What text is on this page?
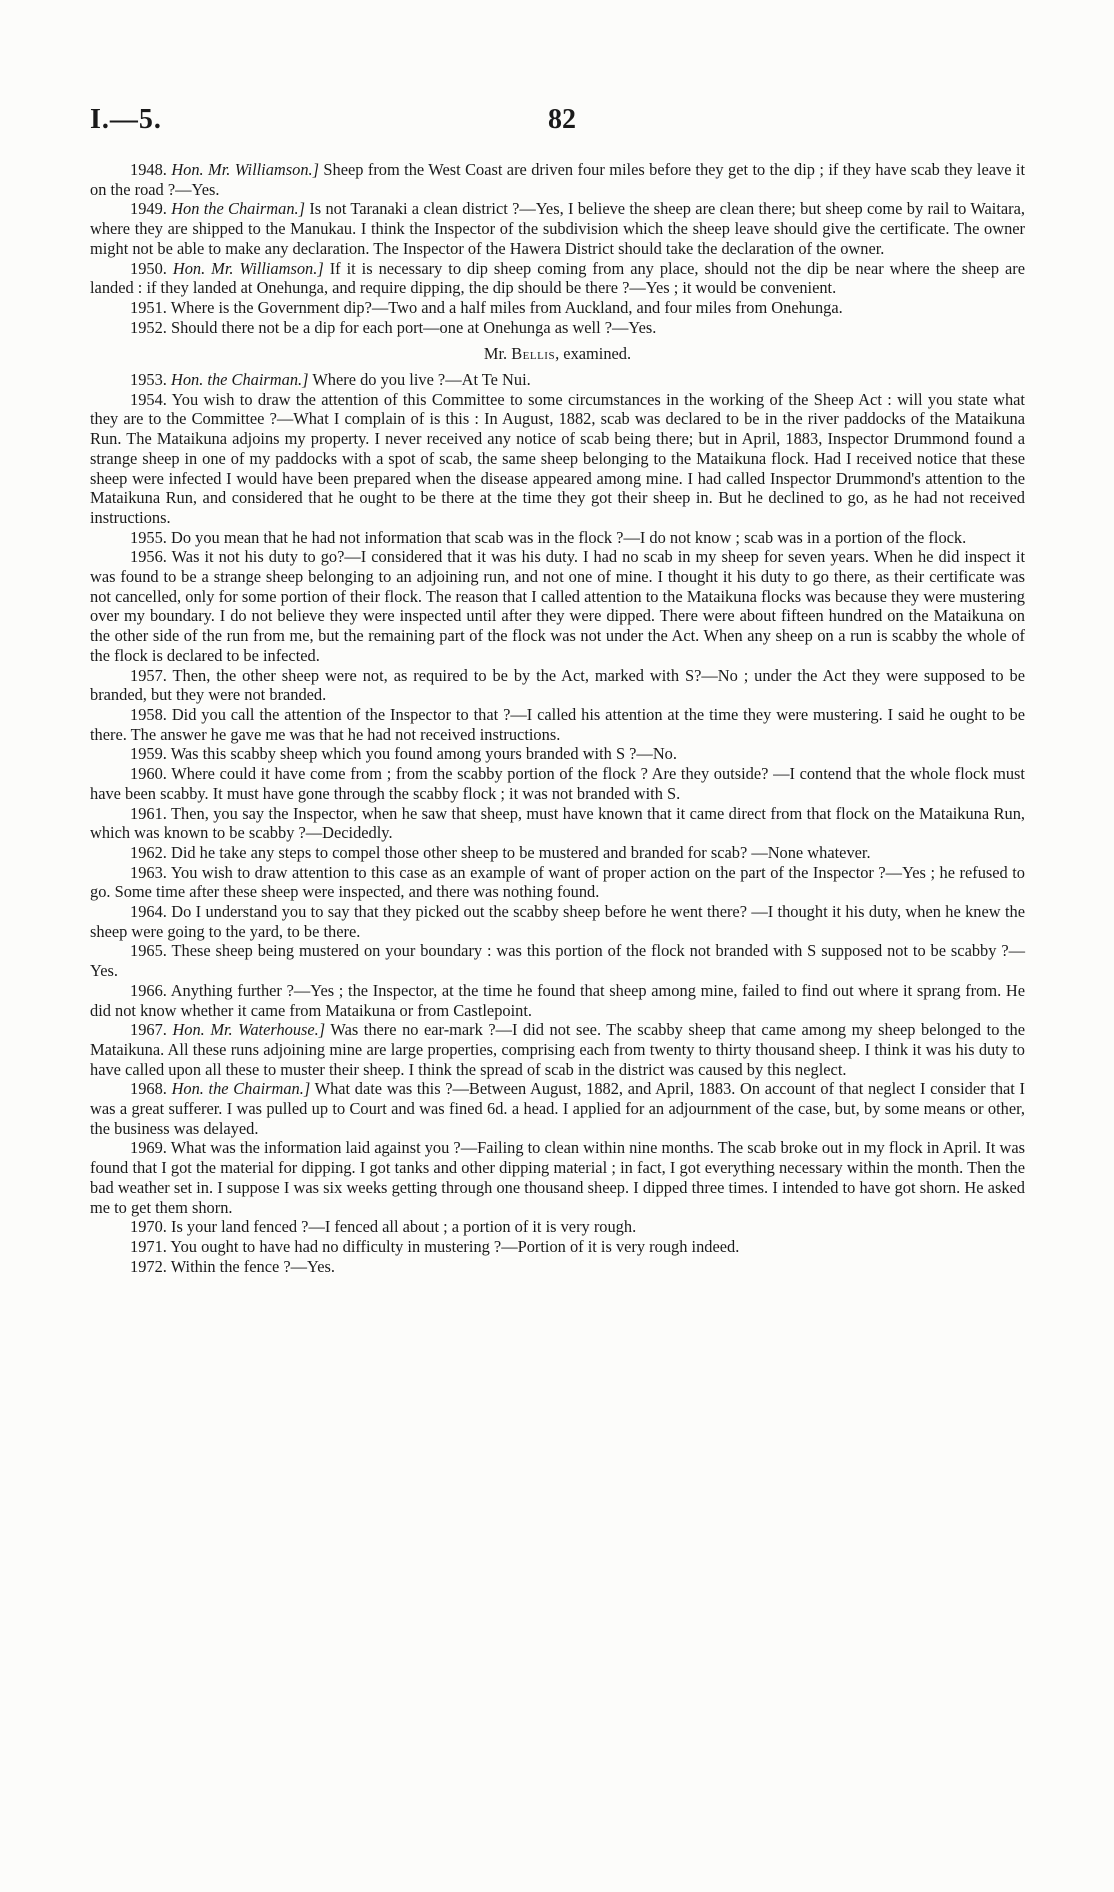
I.—5.	82

1948. Hon. Mr. Williamson.] Sheep from the West Coast are driven four miles before they get to the dip ; if they have scab they leave it on the road ?—Yes.

1949. Hon the Chairman.] Is not Taranaki a clean district ?—Yes, I believe the sheep are clean there; but sheep come by rail to Waitara, where they are shipped to the Manukau. I think the Inspector of the subdivision which the sheep leave should give the certificate. The owner might not be able to make any declaration. The Inspector of the Hawera District should take the declaration of the owner.

1950. Hon. Mr. Williamson.] If it is necessary to dip sheep coming from any place, should not the dip be near where the sheep are landed : if they landed at Onehunga, and require dipping, the dip should be there ?—Yes ; it would be convenient.

1951. Where is the Government dip?—Two and a half miles from Auckland, and four miles from Onehunga.

1952. Should there not be a dip for each port—one at Onehunga as well ?—Yes.

Mr. Bellis, examined.

1953. Hon. the Chairman.] Where do you live ?—At Te Nui.

1954. You wish to draw the attention of this Committee to some circumstances in the working of the Sheep Act : will you state what they are to the Committee ?—What I complain of is this : In August, 1882, scab was declared to be in the river paddocks of the Mataikuna Run. The Mataikuna adjoins my property. I never received any notice of scab being there; but in April, 1883, Inspector Drummond found a strange sheep in one of my paddocks with a spot of scab, the same sheep belonging to the Mataikuna flock. Had I received notice that these sheep were infected I would have been prepared when the disease appeared among mine. I had called Inspector Drummond's attention to the Mataikuna Run, and considered that he ought to be there at the time they got their sheep in. But he declined to go, as he had not received instructions.

1955. Do you mean that he had not information that scab was in the flock ?—I do not know ; scab was in a portion of the flock.

1956. Was it not his duty to go?—I considered that it was his duty. I had no scab in my sheep for seven years. When he did inspect it was found to be a strange sheep belonging to an adjoining run, and not one of mine. I thought it his duty to go there, as their certificate was not cancelled, only for some portion of their flock. The reason that I called attention to the Mataikuna flocks was because they were mustering over my boundary. I do not believe they were inspected until after they were dipped. There were about fifteen hundred on the Mataikuna on the other side of the run from me, but the remaining part of the flock was not under the Act. When any sheep on a run is scabby the whole of the flock is declared to be infected.

1957. Then, the other sheep were not, as required to be by the Act, marked with S?—No ; under the Act they were supposed to be branded, but they were not branded.

1958. Did you call the attention of the Inspector to that ?—I called his attention at the time they were mustering. I said he ought to be there. The answer he gave me was that he had not received instructions.

1959. Was this scabby sheep which you found among yours branded with S ?—No.

1960. Where could it have come from ; from the scabby portion of the flock ? Are they outside? —I contend that the whole flock must have been scabby. It must have gone through the scabby flock ; it was not branded with S.

1961. Then, you say the Inspector, when he saw that sheep, must have known that it came direct from that flock on the Mataikuna Run, which was known to be scabby ?—Decidedly.

1962. Did he take any steps to compel those other sheep to be mustered and branded for scab? —None whatever.

1963. You wish to draw attention to this case as an example of want of proper action on the part of the Inspector ?—Yes ; he refused to go. Some time after these sheep were inspected, and there was nothing found.

1964. Do I understand you to say that they picked out the scabby sheep before he went there? —I thought it his duty, when he knew the sheep were going to the yard, to be there.

1965. These sheep being mustered on your boundary : was this portion of the flock not branded with S supposed not to be scabby ?—Yes.

1966. Anything further ?—Yes ; the Inspector, at the time he found that sheep among mine, failed to find out where it sprang from. He did not know whether it came from Mataikuna or from Castlepoint.

1967. Hon. Mr. Waterhouse.] Was there no ear-mark ?—I did not see. The scabby sheep that came among my sheep belonged to the Mataikuna. All these runs adjoining mine are large properties, comprising each from twenty to thirty thousand sheep. I think it was his duty to have called upon all these to muster their sheep. I think the spread of scab in the district was caused by this neglect.

1968. Hon. the Chairman.] What date was this ?—Between August, 1882, and April, 1883. On account of that neglect I consider that I was a great sufferer. I was pulled up to Court and was fined 6d. a head. I applied for an adjournment of the case, but, by some means or other, the business was delayed.

1969. What was the information laid against you ?—Failing to clean within nine months. The scab broke out in my flock in April. It was found that I got the material for dipping. I got tanks and other dipping material ; in fact, I got everything necessary within the month. Then the bad weather set in. I suppose I was six weeks getting through one thousand sheep. I dipped three times. I intended to have got shorn. He asked me to get them shorn.

1970. Is your land fenced ?—I fenced all about ; a portion of it is very rough.

1971. You ought to have had no difficulty in mustering ?—Portion of it is very rough indeed.

1972. Within the fence ?—Yes.
